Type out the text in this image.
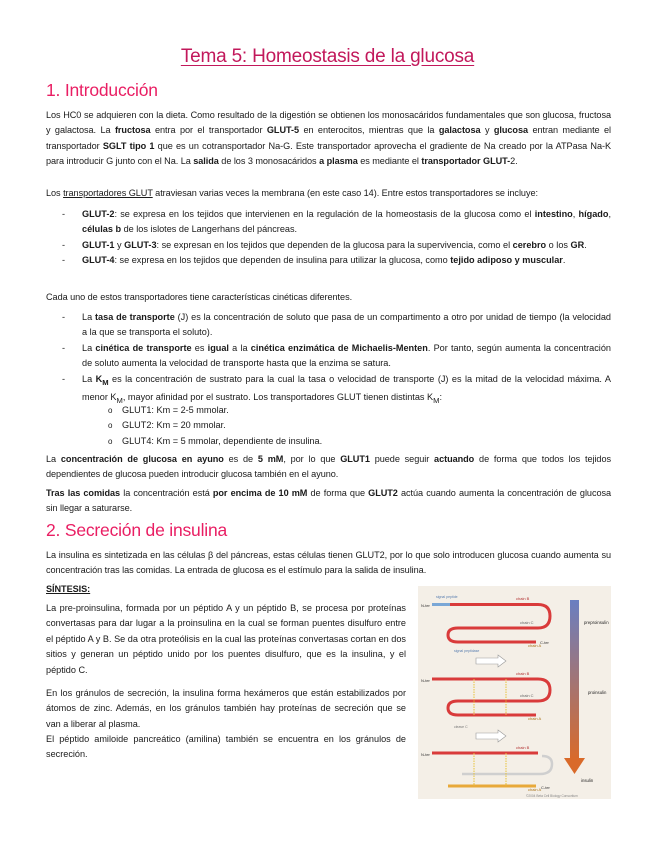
Tema 5: Homeostasis de la glucosa
1. Introducción

Los HC0 se adquieren con la dieta. Como resultado de la digestión se obtienen los monosacáridos fundamentales que son glucosa, fructosa y galactosa. La fructosa entra por el transportador GLUT-5 en enterocitos, mientras que la galactosa y glucosa entran mediante el transportador SGLT tipo 1 que es un cotransportador Na-G. Este transportador aprovecha el gradiente de Na creado por la ATPasa Na-K para introducir G junto con el Na. La salida de los 3 monosacáridos a plasma es mediante el transportador GLUT-2.

Los transportadores GLUT atraviesan varias veces la membrana (en este caso 14). Entre estos transportadores se incluye:

- GLUT-2: se expresa en los tejidos que intervienen en la regulación de la homeostasis de la glucosa como el intestino, hígado, células b de los islotes de Langerhans del páncreas.
- GLUT-1 y GLUT-3: se expresan en los tejidos que dependen de la glucosa para la supervivencia, como el cerebro o los GR.
- GLUT-4: se expresa en los tejidos que dependen de insulina para utilizar la glucosa, como tejido adiposo y muscular.
Cada uno de estos transportadores tiene características cinéticas diferentes.
- La tasa de transporte (J) es la concentración de soluto que pasa de un compartimento a otro por unidad de tiempo (la velocidad a la que se transporta el soluto).
- La cinética de transporte es igual a la cinética enzimática de Michaelis-Menten. Por tanto, según aumenta la concentración de soluto aumenta la velocidad de transporte hasta que la enzima se satura.
- La $K_M$ es la concentración de sustrato para la cual la tasa o velocidad de transporte (J) es la mitad de la velocidad máxima. A menor $K_M$, mayor afinidad por el sustrato. Los transportadores GLUT tienen distintas $K_M$:
o GLUT1: Km = 2-5 mmolar.
o GLUT2: Km = 20 mmolar.
o GLUT4: Km = 5 mmolar, dependiente de insulina.

La concentración de glucosa en ayuno es de 5 mM, por lo que GLUT1 puede seguir actuando de forma que todos los tejidos dependientes de glucosa pueden introducir glucosa también en el ayuno.

Tras las comidas la concentración está por encima de 10 mM de forma que GLUT2 actúa cuando aumenta la concentración de glucosa sin llegar a saturarse.

2. Secreción de insulina
La insulina es sintetizada en las células β del páncreas, estas células tienen GLUT2, por lo que solo introducen glucosa cuando aumenta su concentración tras las comidas. La entrada de glucosa es el estímulo para la salida de insulina.

SÍNTESIS:

La pre-proinsulina, formada por un péptido A y un péptido B, se procesa por proteínas convertasas para dar lugar a la proinsulina en la cual se forman puentes disulfuro entre el péptido A y B. Se da otra proteólisis en la cual las proteínas convertasas cortan en dos sitios y generan un péptido unido por los puentes disulfuro, que es la insulina, y el péptido C.
En los gránulos de secreción, la insulina forma hexámeros que están estabilizados por átomos de zinc. Además, en los gránulos también hay proteínas de secreción que se van a liberar al plasma.
El péptido amiloide pancreático (amilina) también se encuentra en los gránulos de secreción.
N-ter
signal peptide	chain B
chain C
chain A
C-ter
preproinsulin
signal peptidase
N-ter
chain B
chain C
chain A
proinsulin
cleave C
N-ter
chain B
chain A C-ter
insulin
©2004 Beta Cell Biology Consortium
